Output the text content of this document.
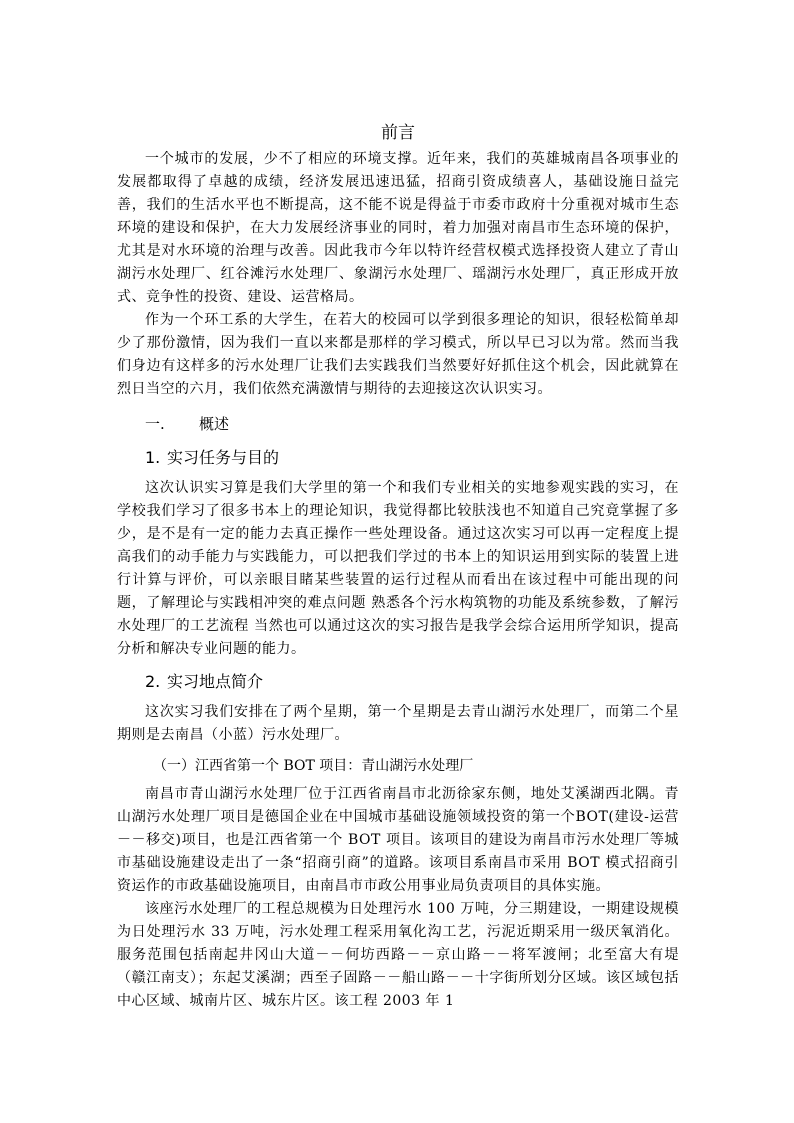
前言

一个城市的发展，少不了相应的环境支撑。近年来，我们的英雄城南昌各项事业的发展都取得了卓越的成绩，经济发展迅速迅猛，招商引资成绩喜人，基础设施日益完善，我们的生活水平也不断提高，这不能不说是得益于市委市政府十分重视对城市生态环境的建设和保护，在大力发展经济事业的同时，着力加强对南昌市生态环境的保护，尤其是对水环境的治理与改善。因此我市今年以特许经营权模式选择投资人建立了青山湖污水处理厂、红谷滩污水处理厂、象湖污水处理厂、瑶湖污水处理厂，真正形成开放式、竞争性的投资、建设、运营格局。

作为一个环工系的大学生，在若大的校园可以学到很多理论的知识，很轻松简单却少了那份激情，因为我们一直以来都是那样的学习模式，所以早已习以为常。然而当我们身边有这样多的污水处理厂让我们去实践我们当然要好好抓住这个机会，因此就算在烈日当空的六月，我们依然充满激情与期待的去迎接这次认识实习。

一. 概述
1. 实习任务与目的

这次认识实习算是我们大学里的第一个和我们专业相关的实地参观实践的实习，在学校我们学习了很多书本上的理论知识，我觉得都比较肤浅也不知道自己究竟掌握了多少，是不是有一定的能力去真正操作一些处理设备。通过这次实习可以再一定程度上提高我们的动手能力与实践能力，可以把我们学过的书本上的知识运用到实际的装置上进行计算与评价，可以亲眼目睹某些装置的运行过程从而看出在该过程中可能出现的问题，了解理论与实践相冲突的难点问题 熟悉各个污水构筑物的功能及系统参数，了解污水处理厂的工艺流程 当然也可以通过这次的实习报告是我学会综合运用所学知识，提高分析和解决专业问题的能力。

2. 实习地点简介

这次实习我们安排在了两个星期，第一个星期是去青山湖污水处理厂，而第二个星期则是去南昌（小蓝）污水处理厂。

（一）江西省第一个 BOT 项目：青山湖污水处理厂

南昌市青山湖污水处理厂位于江西省南昌市北沥徐家东侧，地处艾溪湖西北隅。青山湖污水处理厂项目是德国企业在中国城市基础设施领域投资的第一个BOT(建设-运营－－移交)项目，也是江西省第一个 BOT 项目。该项目的建设为南昌市污水处理厂等城市基础设施建设走出了一条“招商引商”的道路。该项目系南昌市采用 BOT 模式招商引资运作的市政基础设施项目，由南昌市市政公用事业局负责项目的具体实施。

该座污水处理厂的工程总规模为日处理污水 100 万吨，分三期建设，一期建设规模为日处理污水 33 万吨，污水处理工程采用氧化沟工艺，污泥近期采用一级厌氧消化。服务范围包括南起井冈山大道－－何坊西路－－京山路－－将军渡闸；北至富大有堤（赣江南支）；东起艾溪湖；西至子固路－－船山路－－十字街所划分区域。该区域包括中心区域、城南片区、城东片区。该工程 2003 年 1
